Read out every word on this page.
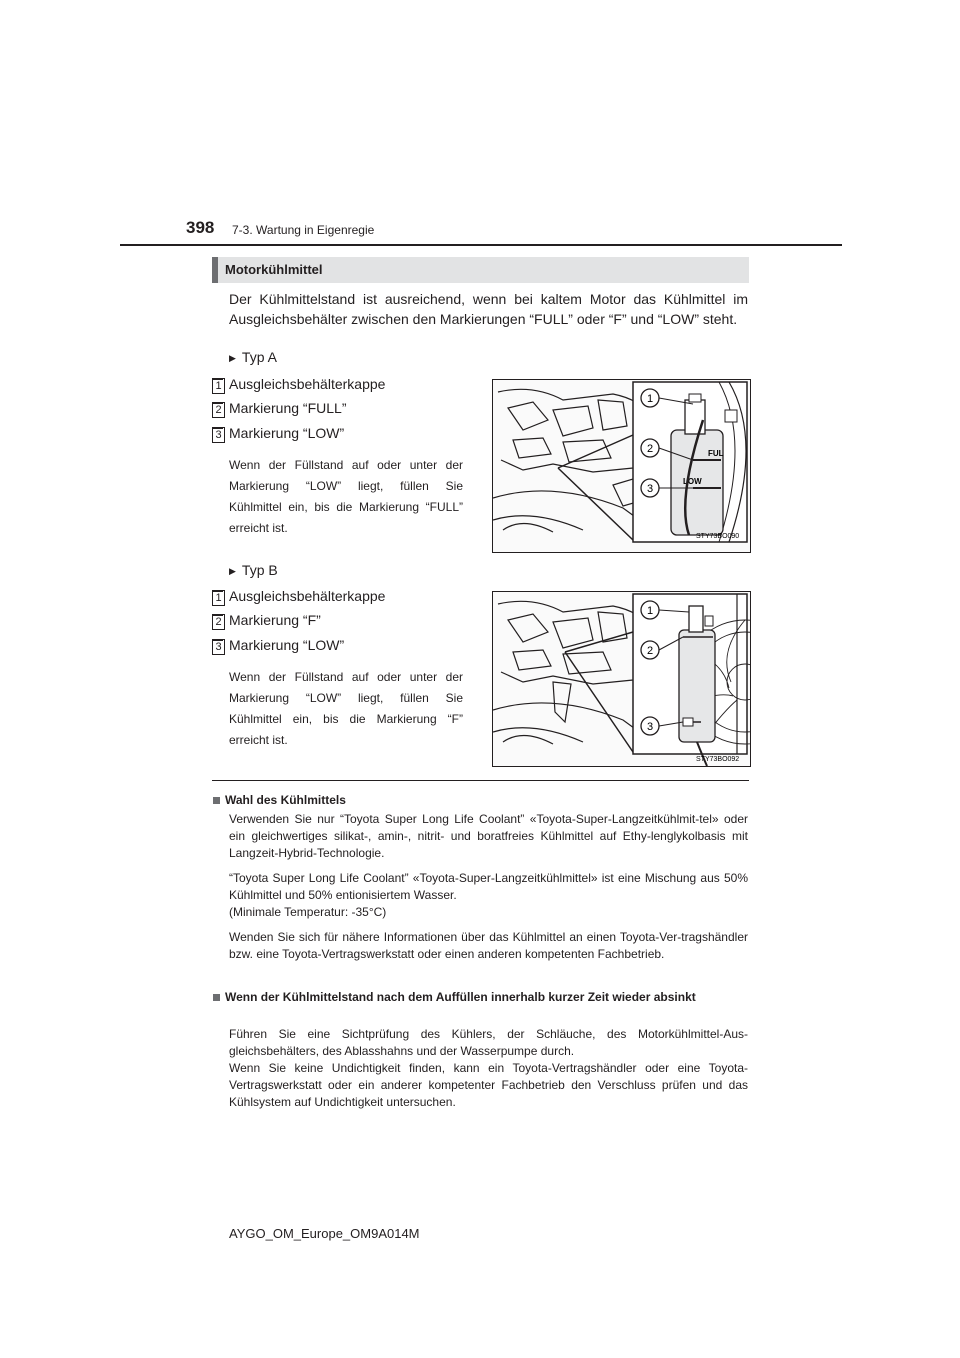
398 7-3. Wartung in Eigenregie
Motorkühlmittel
Der Kühlmittelstand ist ausreichend, wenn bei kaltem Motor das Kühlmittel im Ausgleichsbehälter zwischen den Markierungen “FULL” oder “F” und “LOW” steht.
▶ Typ A
1 Ausgleichsbehälterkappe
2 Markierung “FULL”
3 Markierung “LOW”
Wenn der Füllstand auf oder unter der Markierung “LOW” liegt, füllen Sie Kühlmittel ein, bis die Markierung “FULL” erreicht ist.
FUL
LOW
1
2
3
STY73BO090
▶ Typ B
1 Ausgleichsbehälterkappe
2 Markierung “F”
3 Markierung “LOW”
Wenn der Füllstand auf oder unter der Markierung “LOW” liegt, füllen Sie Kühlmittel ein, bis die Markierung “F” erreicht ist.
1
2
3
STY73BO092
Wahl des Kühlmittels
Verwenden Sie nur “Toyota Super Long Life Coolant” «Toyota-Super-Langzeitkühlmit-tel» oder ein gleichwertiges silikat-, amin-, nitrit- und boratfreies Kühlmittel auf Ethy-lenglykolbasis mit Langzeit-Hybrid-Technologie.
“Toyota Super Long Life Coolant” «Toyota-Super-Langzeitkühlmittel» ist eine Mischung aus 50% Kühlmittel und 50% entionisiertem Wasser.
(Minimale Temperatur: -35°C)
Wenden Sie sich für nähere Informationen über das Kühlmittel an einen Toyota-Ver-tragshändler bzw. eine Toyota-Vertragswerkstatt oder einen anderen kompetenten Fachbetrieb.
Wenn der Kühlmittelstand nach dem Auffüllen innerhalb kurzer Zeit wieder absinkt
Führen Sie eine Sichtprüfung des Kühlers, der Schläuche, des Motorkühlmittel-Aus-gleichsbehälters, des Ablasshahns und der Wasserpumpe durch.
Wenn Sie keine Undichtigkeit finden, kann ein Toyota-Vertragshändler oder eine Toyota-Vertragswerkstatt oder ein anderer kompetenter Fachbetrieb den Verschluss prüfen und das Kühlsystem auf Undichtigkeit untersuchen.
AYGO_OM_Europe_OM9A014M
